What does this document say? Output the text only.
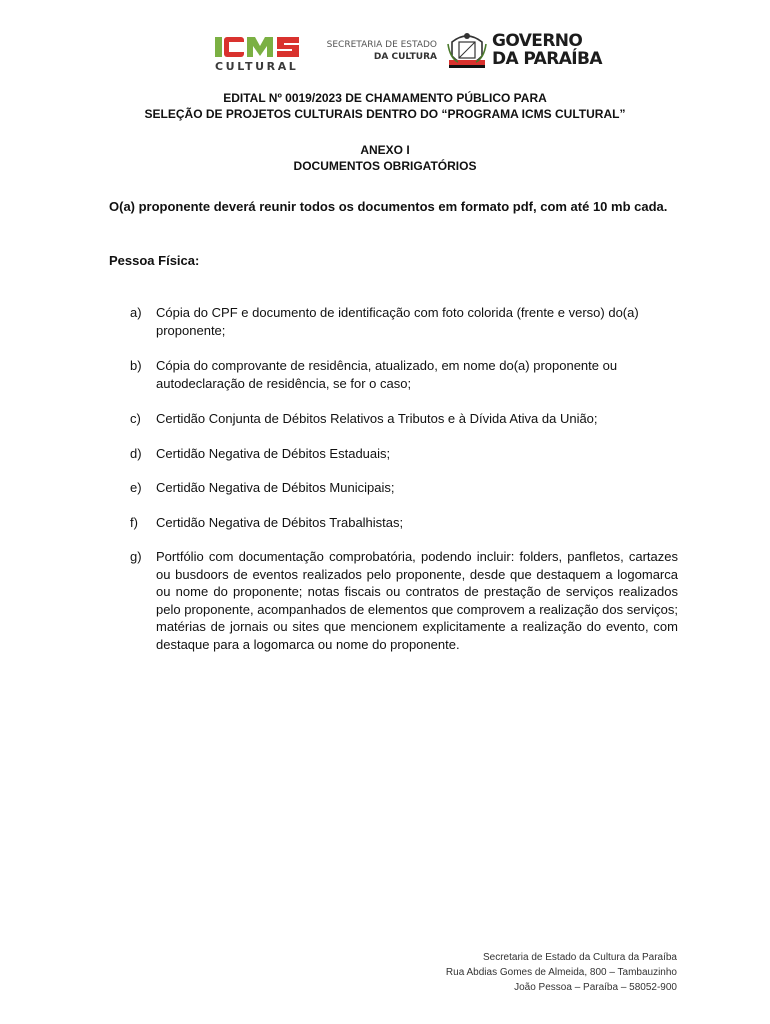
CULTURAL
SECRETARIA DE ESTADO
DA CULTURA
GOVERNO
DA PARAÍBA
EDITAL Nº 0019/2023 DE CHAMAMENTO PÚBLICO PARA
SELEÇÃO DE PROJETOS CULTURAIS DENTRO DO “PROGRAMA ICMS CULTURAL”
ANEXO I
DOCUMENTOS OBRIGATÓRIOS
O(a) proponente deverá reunir todos os documentos em formato pdf, com até 10 mb cada.
Pessoa Física:
a) Cópia do CPF e documento de identificação com foto colorida (frente e verso) do(a) proponente;
b) Cópia do comprovante de residência, atualizado, em nome do(a) proponente ou autodeclaração de residência, se for o caso;
c) Certidão Conjunta de Débitos Relativos a Tributos e à Dívida Ativa da União;
d) Certidão Negativa de Débitos Estaduais;
e) Certidão Negativa de Débitos Municipais;
f) Certidão Negativa de Débitos Trabalhistas;
g) Portfólio com documentação comprobatória, podendo incluir: folders, panfletos, cartazes ou busdoors de eventos realizados pelo proponente, desde que destaquem a logomarca ou nome do proponente; notas fiscais ou contratos de prestação de serviços realizados pelo proponente, acompanhados de elementos que comprovem a realização dos serviços; matérias de jornais ou sites que mencionem explicitamente a realização do evento, com destaque para a logomarca ou nome do proponente.
Secretaria de Estado da Cultura da Paraíba
Rua Abdias Gomes de Almeida, 800 – Tambauzinho
João Pessoa – Paraíba – 58052-900
